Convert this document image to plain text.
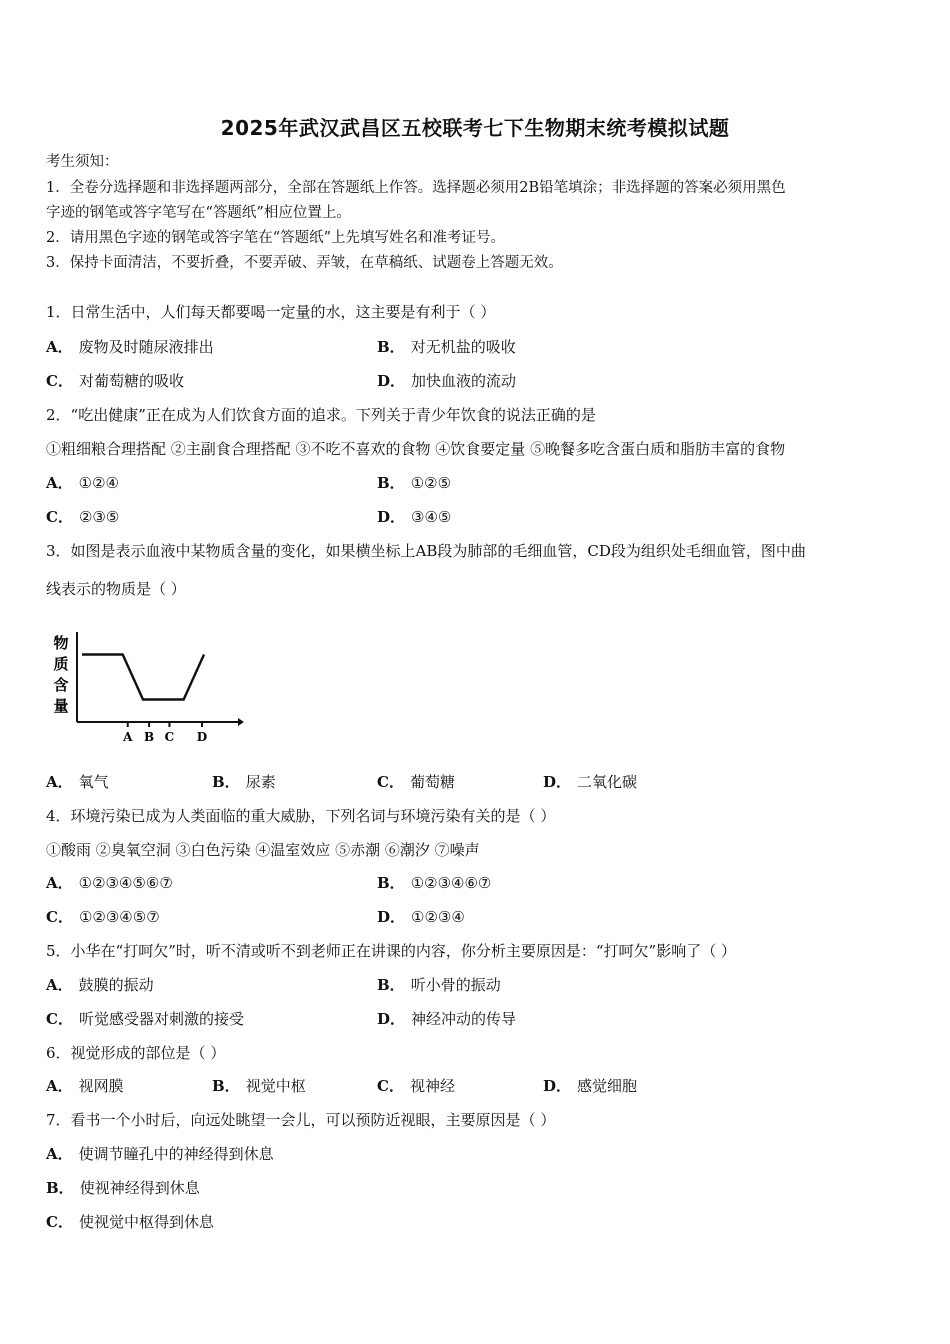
2025年武汉武昌区五校联考七下生物期末统考模拟试题
考生须知：
1．全卷分选择题和非选择题两部分，全部在答题纸上作答。选择题必须用2B铅笔填涂；非选择题的答案必须用黑色
字迹的钢笔或答字笔写在“答题纸”相应位置上。
2．请用黑色字迹的钢笔或答字笔在“答题纸”上先填写姓名和准考证号。
3．保持卡面清洁，不要折叠，不要弄破、弄皱，在草稿纸、试题卷上答题无效。
1．日常生活中，人们每天都要喝一定量的水，这主要是有利于（ ）
A． 废物及时随尿液排出	B． 对无机盐的吸收
C． 对葡萄糖的吸收	D． 加快血液的流动
2．“吃出健康”正在成为人们饮食方面的追求。下列关于青少年饮食的说法正确的是
①粗细粮合理搭配 ②主副食合理搭配 ③不吃不喜欢的食物 ④饮食要定量 ⑤晚餐多吃含蛋白质和脂肪丰富的食物
A． ①②④	B． ①②⑤
C． ②③⑤	D． ③④⑤
3．如图是表示血液中某物质含量的变化，如果横坐标上AB段为肺部的毛细血管，CD段为组织处毛细血管，图中曲
线表示的物质是（ ）
物
质
含
量
A B C D
A． 氧气	B． 尿素	C． 葡萄糖	D． 二氧化碳
4．环境污染已成为人类面临的重大威胁，下列名词与环境污染有关的是（ ）
①酸雨 ②臭氧空洞 ③白色污染 ④温室效应 ⑤赤潮 ⑥潮汐 ⑦噪声
A． ①②③④⑤⑥⑦	B． ①②③④⑥⑦
C． ①②③④⑤⑦	D． ①②③④
5．小华在“打呵欠”时，听不清或听不到老师正在讲课的内容，你分析主要原因是：“打呵欠”影响了（ ）
A． 鼓膜的振动	B． 听小骨的振动
C． 听觉感受器对刺激的接受	D． 神经冲动的传导
6．视觉形成的部位是（ ）
A． 视网膜	B． 视觉中枢	C． 视神经	D． 感觉细胞
7．看书一个小时后，向远处眺望一会儿，可以预防近视眼，主要原因是（ ）
A． 使调节瞳孔中的神经得到休息
B． 使视神经得到休息
C． 使视觉中枢得到休息
